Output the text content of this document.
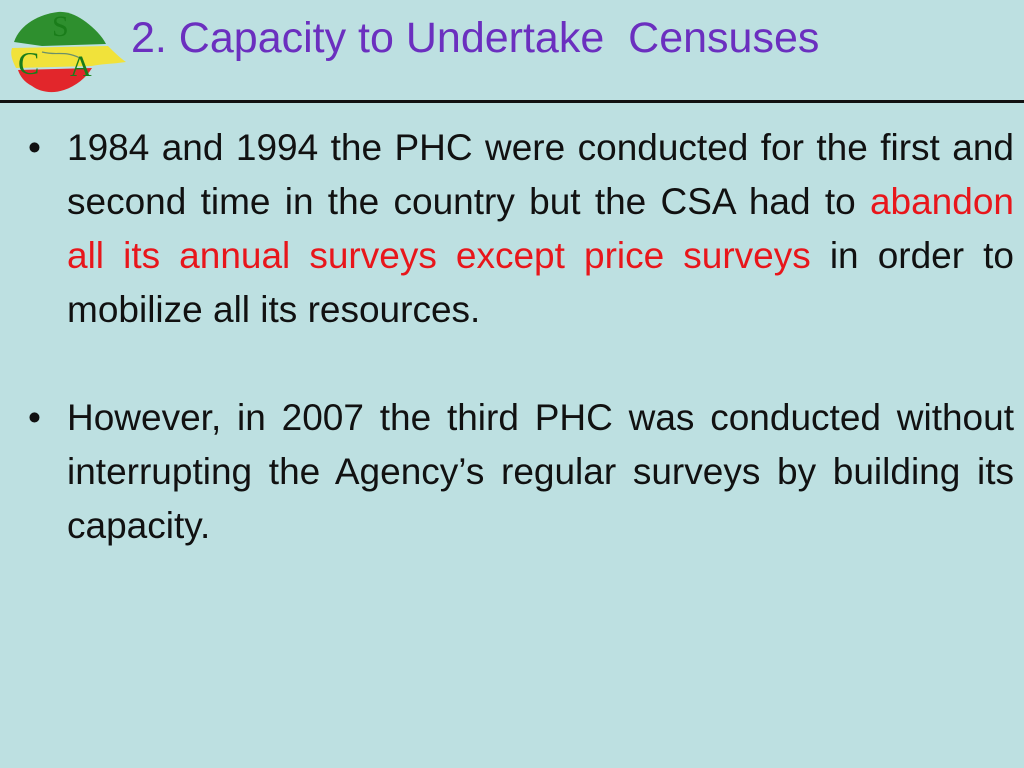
S
C A
2. Capacity to Undertake  Censuses
• 1984 and 1994 the PHC were conducted for the first and second time in the country but the CSA had to abandon all its annual surveys except price surveys in order to mobilize all its resources.
• However, in 2007 the third PHC was conducted without interrupting the Agency’s regular surveys by building its capacity.
